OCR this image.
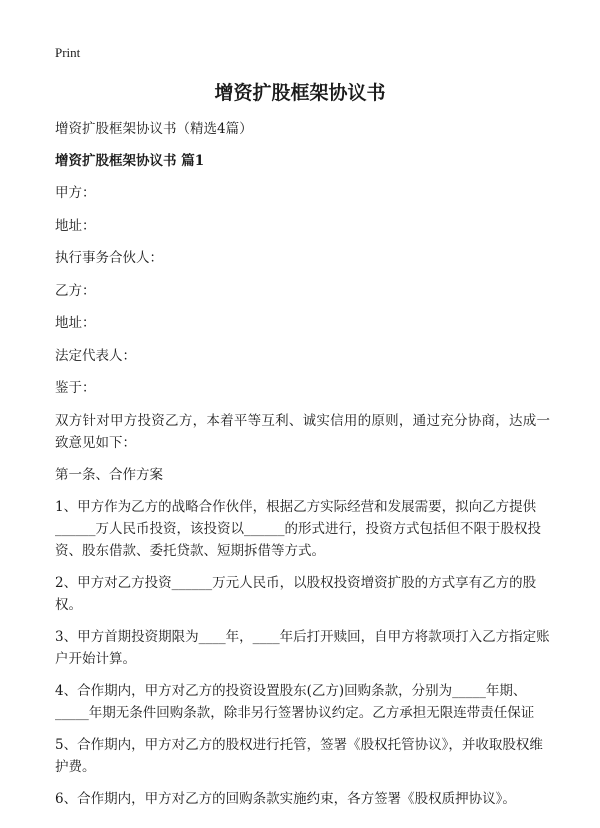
Print
增资扩股框架协议书

增资扩股框架协议书（精选4篇）

增资扩股框架协议书 篇1

甲方：

地址：

执行事务合伙人：

乙方：

地址：

法定代表人：

鉴于：

双方针对甲方投资乙方，本着平等互利、诚实信用的原则，通过充分协商，达成一致意见如下：

第一条、合作方案

1、甲方作为乙方的战略合作伙伴，根据乙方实际经营和发展需要，拟向乙方提供______万人民币投资，该投资以______的形式进行，投资方式包括但不限于股权投资、股东借款、委托贷款、短期拆借等方式。

2、甲方对乙方投资______万元人民币，以股权投资增资扩股的方式享有乙方的股权。

3、甲方首期投资期限为____年，____年后打开赎回，自甲方将款项打入乙方指定账户开始计算。

4、合作期内，甲方对乙方的投资设置股东(乙方)回购条款，分别为_____年期、_____年期无条件回购条款，除非另行签署协议约定。乙方承担无限连带责任保证

5、合作期内，甲方对乙方的股权进行托管，签署《股权托管协议》，并收取股权维护费。

6、合作期内，甲方对乙方的回购条款实施约束，各方签署《股权质押协议》。
